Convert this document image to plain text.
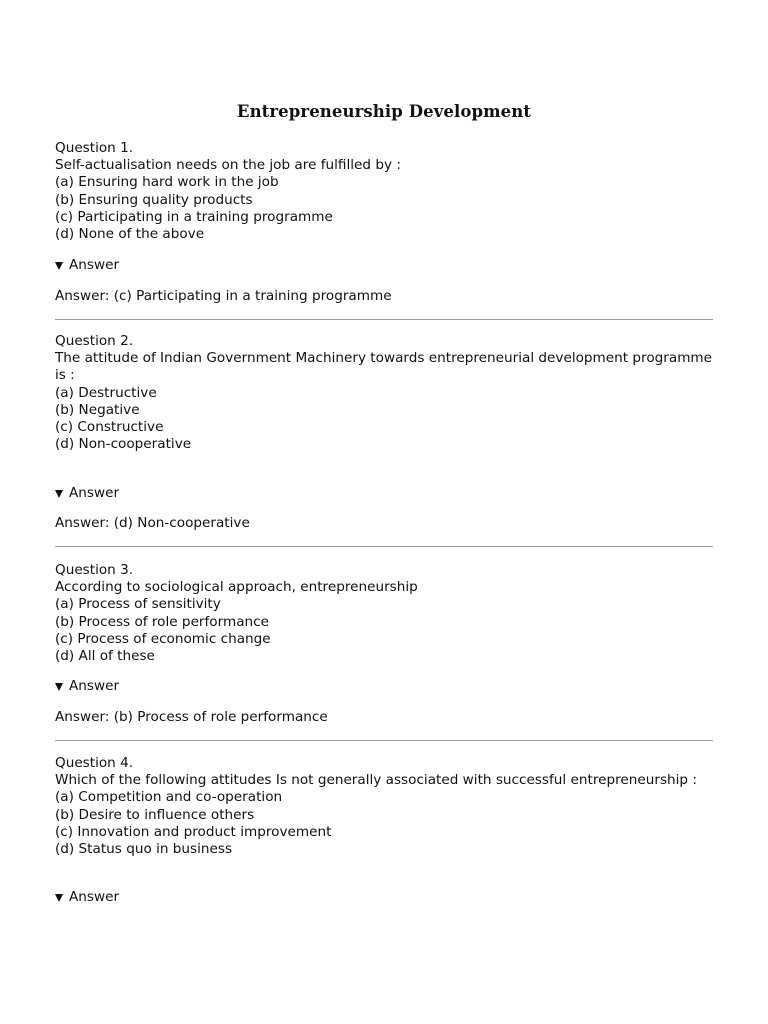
Entrepreneurship Development

Question 1.

Self-actualisation needs on the job are fulfilled by :

(a) Ensuring hard work in the job

(b) Ensuring quality products

(c) Participating in a training programme

(d) None of the above

Answer

Answer: (c) Participating in a training programme

Question 2.

The attitude of Indian Government Machinery towards entrepreneurial development programme is :

(a) Destructive

(b) Negative

(c) Constructive

(d) Non-cooperative

Answer

Answer: (d) Non-cooperative

Question 3.

According to sociological approach, entrepreneurship

(a) Process of sensitivity

(b) Process of role performance

(c) Process of economic change

(d) All of these

Answer

Answer: (b) Process of role performance

Question 4.

Which of the following attitudes Is not generally associated with successful entrepreneurship :

(a) Competition and co-operation

(b) Desire to influence others

(c) Innovation and product improvement

(d) Status quo in business

Answer
